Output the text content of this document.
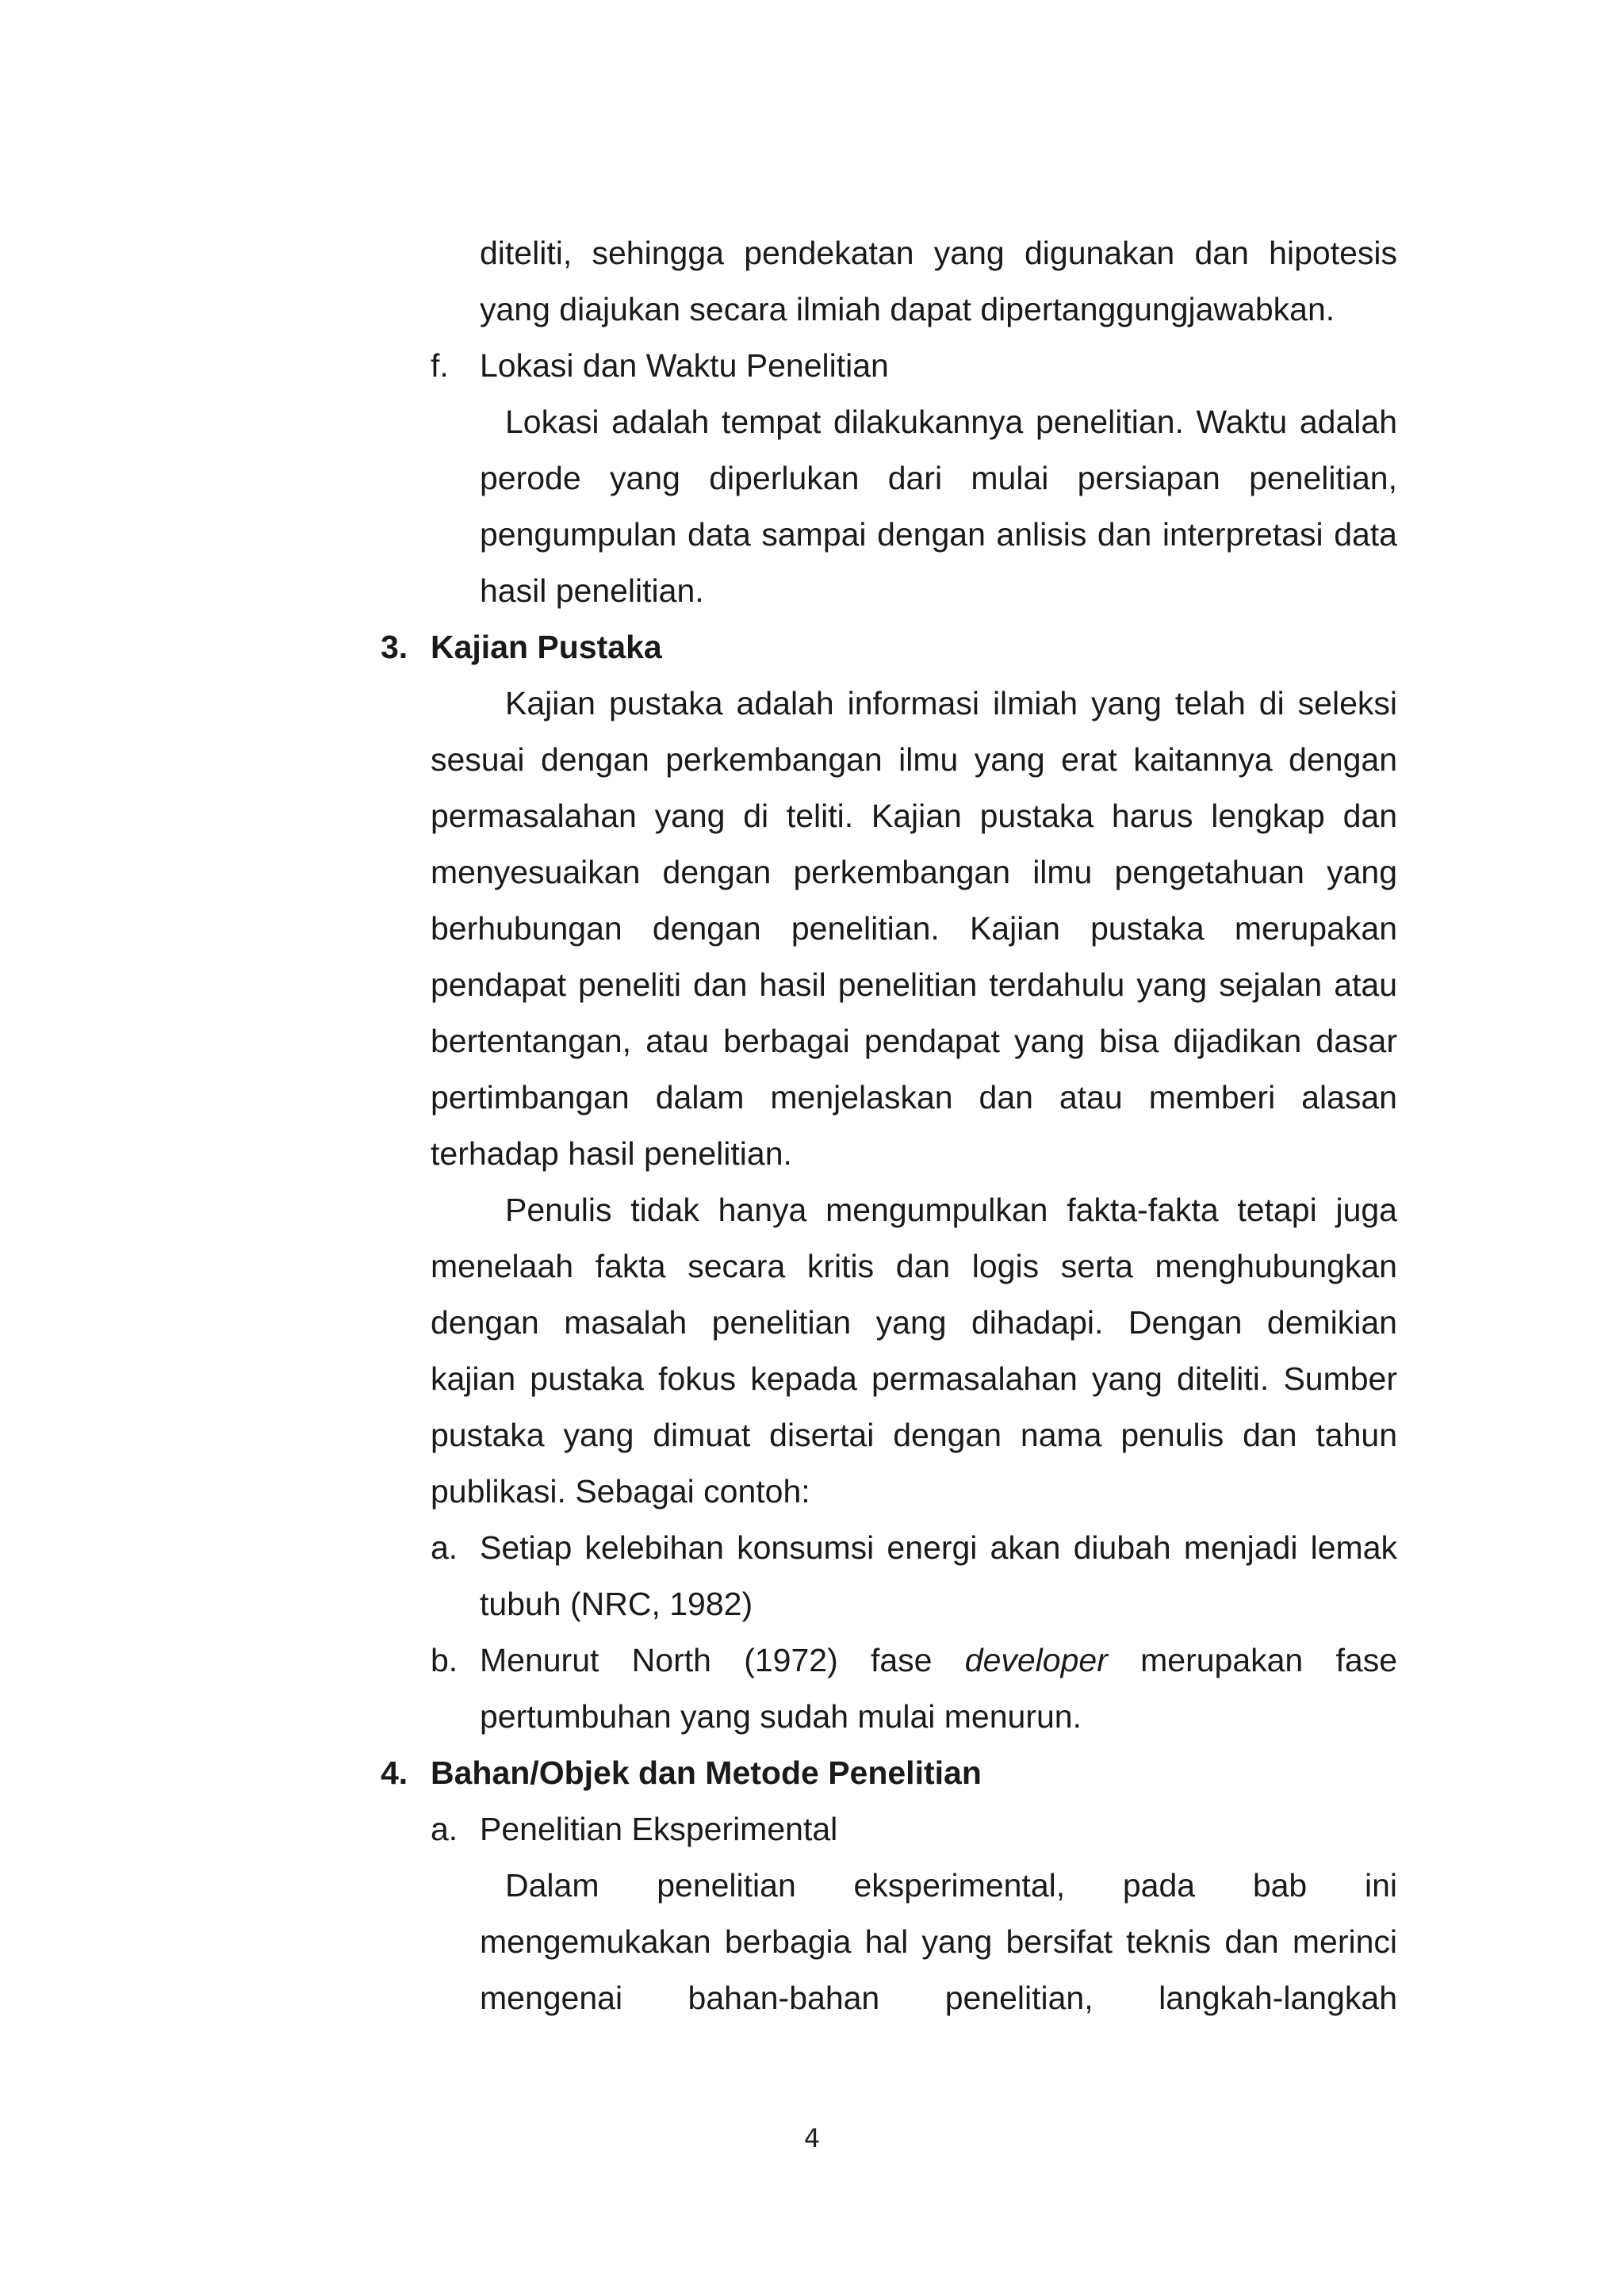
diteliti, sehingga pendekatan yang digunakan dan hipotesis
yang diajukan secara ilmiah dapat dipertanggungjawabkan.
f. Lokasi dan Waktu Penelitian
Lokasi adalah tempat dilakukannya penelitian. Waktu adalah
perode yang diperlukan dari mulai persiapan penelitian,
pengumpulan data sampai dengan anlisis dan interpretasi data
hasil penelitian.
3. Kajian Pustaka
Kajian pustaka adalah informasi ilmiah yang telah di seleksi
sesuai dengan perkembangan ilmu yang erat kaitannya dengan
permasalahan yang di teliti. Kajian pustaka harus lengkap dan
menyesuaikan dengan perkembangan ilmu pengetahuan yang
berhubungan dengan penelitian. Kajian pustaka merupakan
pendapat peneliti dan hasil penelitian terdahulu yang sejalan atau
bertentangan, atau berbagai pendapat yang bisa dijadikan dasar
pertimbangan dalam menjelaskan dan atau memberi alasan
terhadap hasil penelitian.
Penulis tidak hanya mengumpulkan fakta-fakta tetapi juga
menelaah fakta secara kritis dan logis serta menghubungkan
dengan masalah penelitian yang dihadapi. Dengan demikian
kajian pustaka fokus kepada permasalahan yang diteliti. Sumber
pustaka yang dimuat disertai dengan nama penulis dan tahun
publikasi. Sebagai contoh:
a. Setiap kelebihan konsumsi energi akan diubah menjadi lemak
tubuh (NRC, 1982)
b. Menurut North (1972) fase developer merupakan fase
pertumbuhan yang sudah mulai menurun.
4. Bahan/Objek dan Metode Penelitian
a. Penelitian Eksperimental
Dalam penelitian eksperimental, pada bab ini
mengemukakan berbagia hal yang bersifat teknis dan merinci
mengenai bahan-bahan penelitian, langkah-langkah
4
